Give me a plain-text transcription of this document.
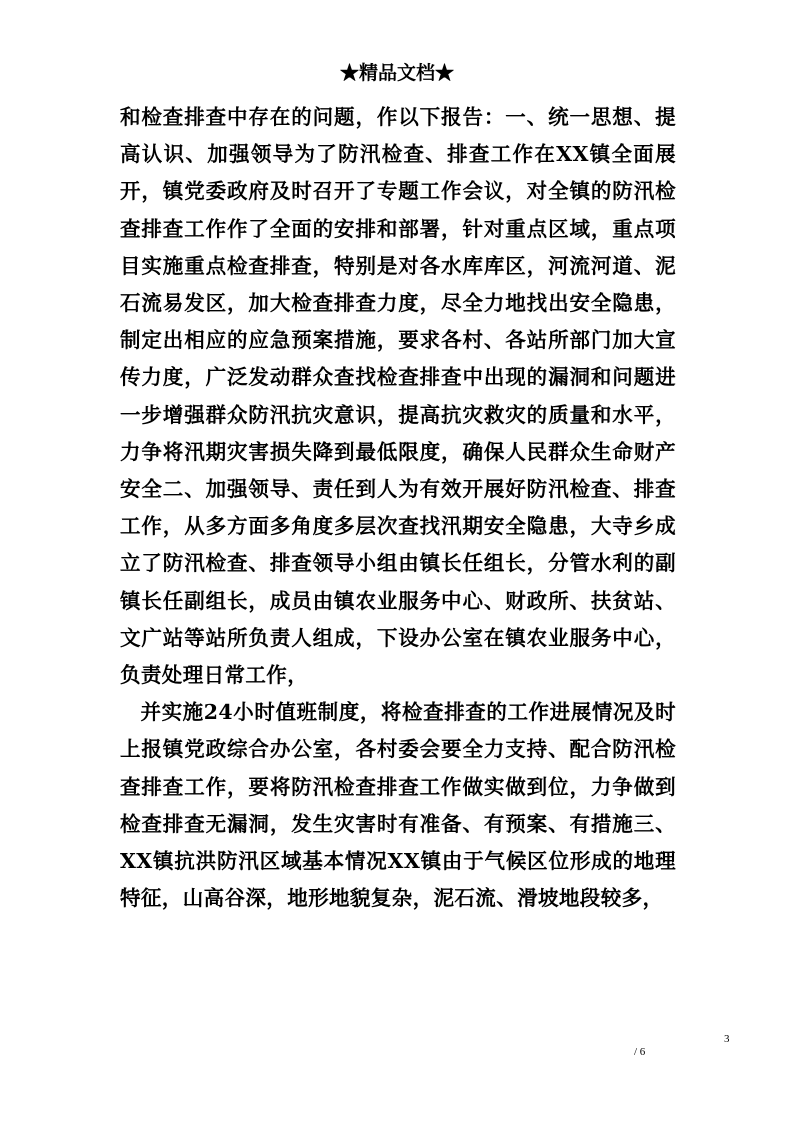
★精品文档★

和检查排查中存在的问题，作以下报告：一、统一思想、提高认识、加强领导为了防汛检查、排查工作在XX镇全面展开，镇党委政府及时召开了专题工作会议，对全镇的防汛检查排查工作作了全面的安排和部署，针对重点区域，重点项目实施重点检查排查，特别是对各水库库区，河流河道、泥石流易发区，加大检查排查力度，尽全力地找出安全隐患，制定出相应的应急预案措施，要求各村、各站所部门加大宣传力度，广泛发动群众查找检查排查中出现的漏洞和问题进一步增强群众防汛抗灾意识，提高抗灾救灾的质量和水平，力争将汛期灾害损失降到最低限度，确保人民群众生命财产安全二、加强领导、责任到人为有效开展好防汛检查、排查工作，从多方面多角度多层次查找汛期安全隐患，大寺乡成立了防汛检查、排查领导小组由镇长任组长，分管水利的副镇长任副组长，成员由镇农业服务中心、财政所、扶贫站、文广站等站所负责人组成，下设办公室在镇农业服务中心，负责处理日常工作，

并实施24小时值班制度，将检查排查的工作进展情况及时上报镇党政综合办公室，各村委会要全力支持、配合防汛检查排查工作，要将防汛检查排查工作做实做到位，力争做到检查排查无漏洞，发生灾害时有准备、有预案、有措施三、XX镇抗洪防汛区域基本情况XX镇由于气候区位形成的地理特征，山高谷深，地形地貌复杂，泥石流、滑坡地段较多，

3
/ 6
